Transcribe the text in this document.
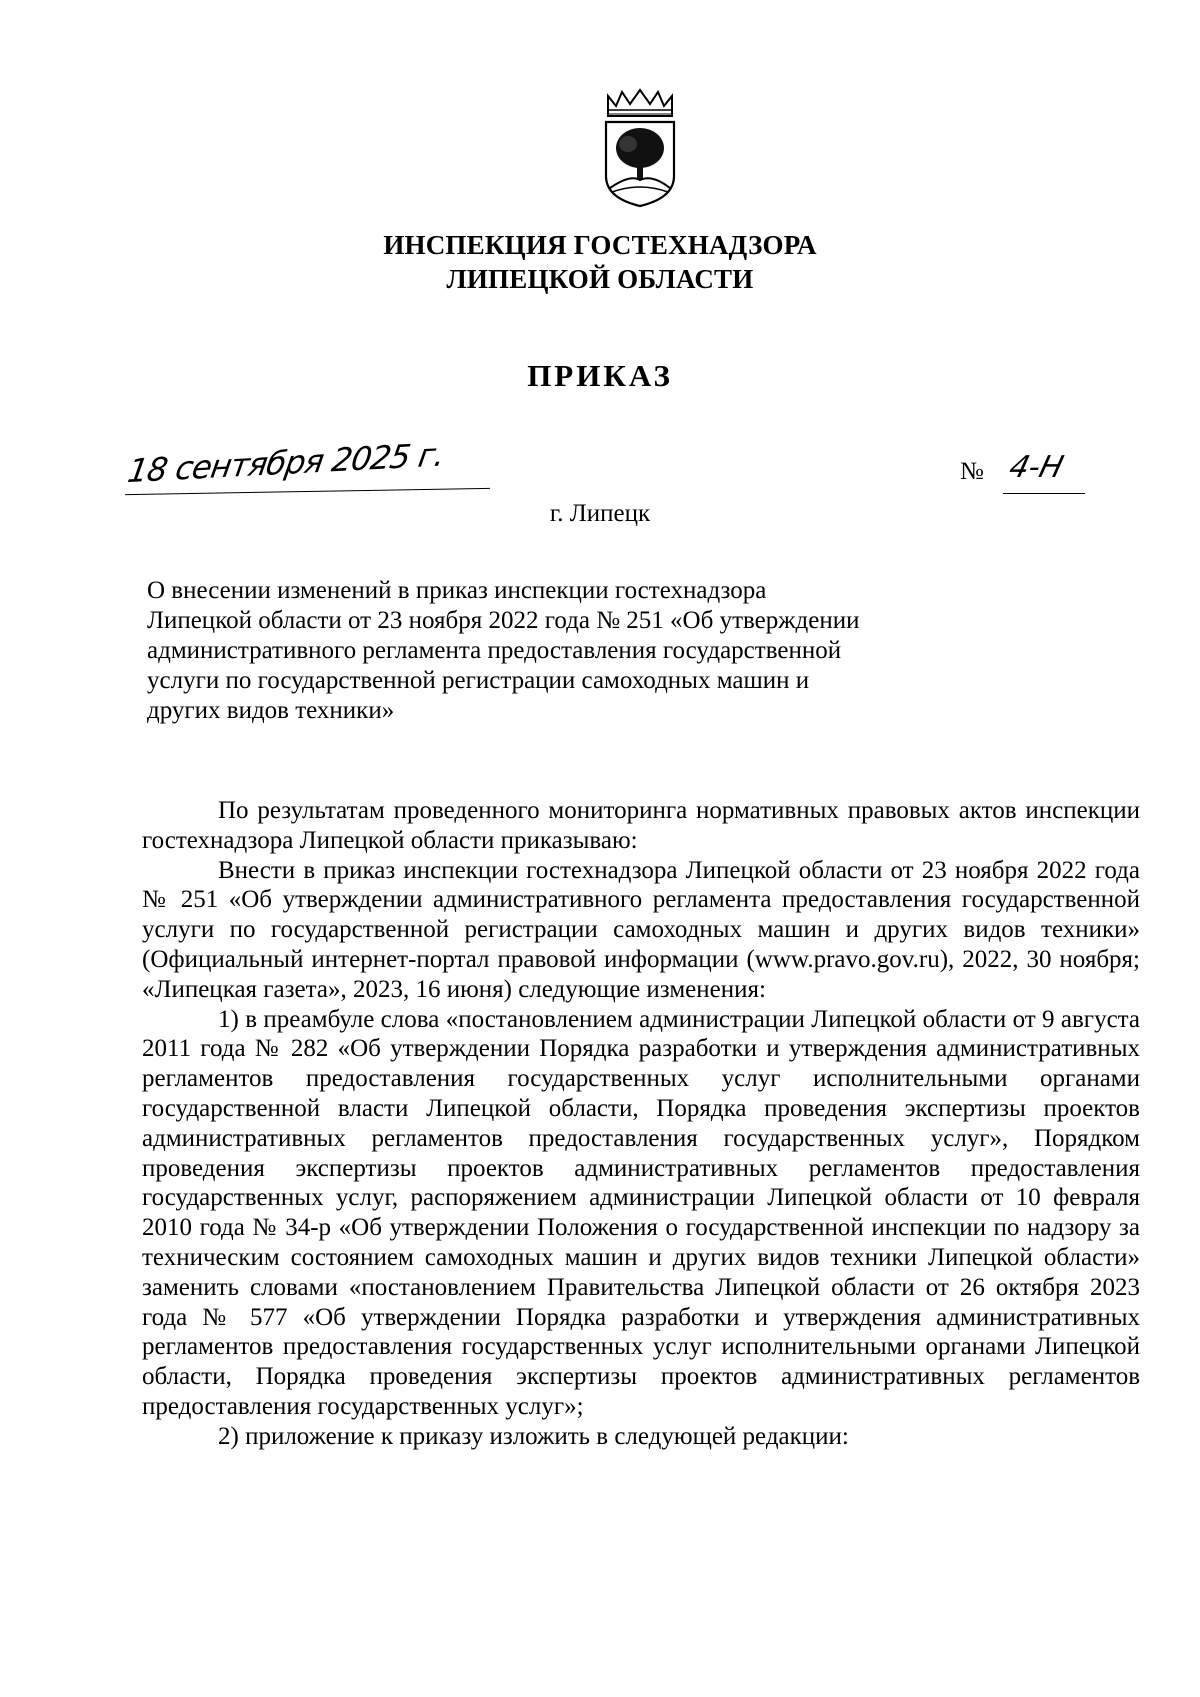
ИНСПЕКЦИЯ ГОСТЕХНАДЗОРА
ЛИПЕЦКОЙ ОБЛАСТИ
ПРИКАЗ
18 сентября 2025 г.	№ 4-Н
г. Липецк
О внесении изменений в приказ инспекции гостехнадзора Липецкой области от 23 ноября 2022 года № 251 «Об утверждении административного регламента предоставления государственной услуги по государственной регистрации самоходных машин и других видов техники»

По результатам проведенного мониторинга нормативных правовых актов инспекции гостехнадзора Липецкой области приказываю:

Внести в приказ инспекции гостехнадзора Липецкой области от 23 ноября 2022 года № 251 «Об утверждении административного регламента предоставления государственной услуги по государственной регистрации самоходных машин и других видов техники» (Официальный интернет-портал правовой информации (www.pravo.gov.ru), 2022, 30 ноября; «Липецкая газета», 2023, 16 июня) следующие изменения:

1) в преамбуле слова «постановлением администрации Липецкой области от 9 августа 2011 года № 282 «Об утверждении Порядка разработки и утверждения административных регламентов предоставления государственных услуг исполнительными органами государственной власти Липецкой области, Порядка проведения экспертизы проектов административных регламентов предоставления государственных услуг», Порядком проведения экспертизы проектов административных регламентов предоставления государственных услуг, распоряжением администрации Липецкой области от 10 февраля 2010 года № 34-р «Об утверждении Положения о государственной инспекции по надзору за техническим состоянием самоходных машин и других видов техники Липецкой области» заменить словами «постановлением Правительства Липецкой области от 26 октября 2023 года № 577 «Об утверждении Порядка разработки и утверждения административных регламентов предоставления государственных услуг исполнительными органами Липецкой области, Порядка проведения экспертизы проектов административных регламентов предоставления государственных услуг»;

2) приложение к приказу изложить в следующей редакции:
